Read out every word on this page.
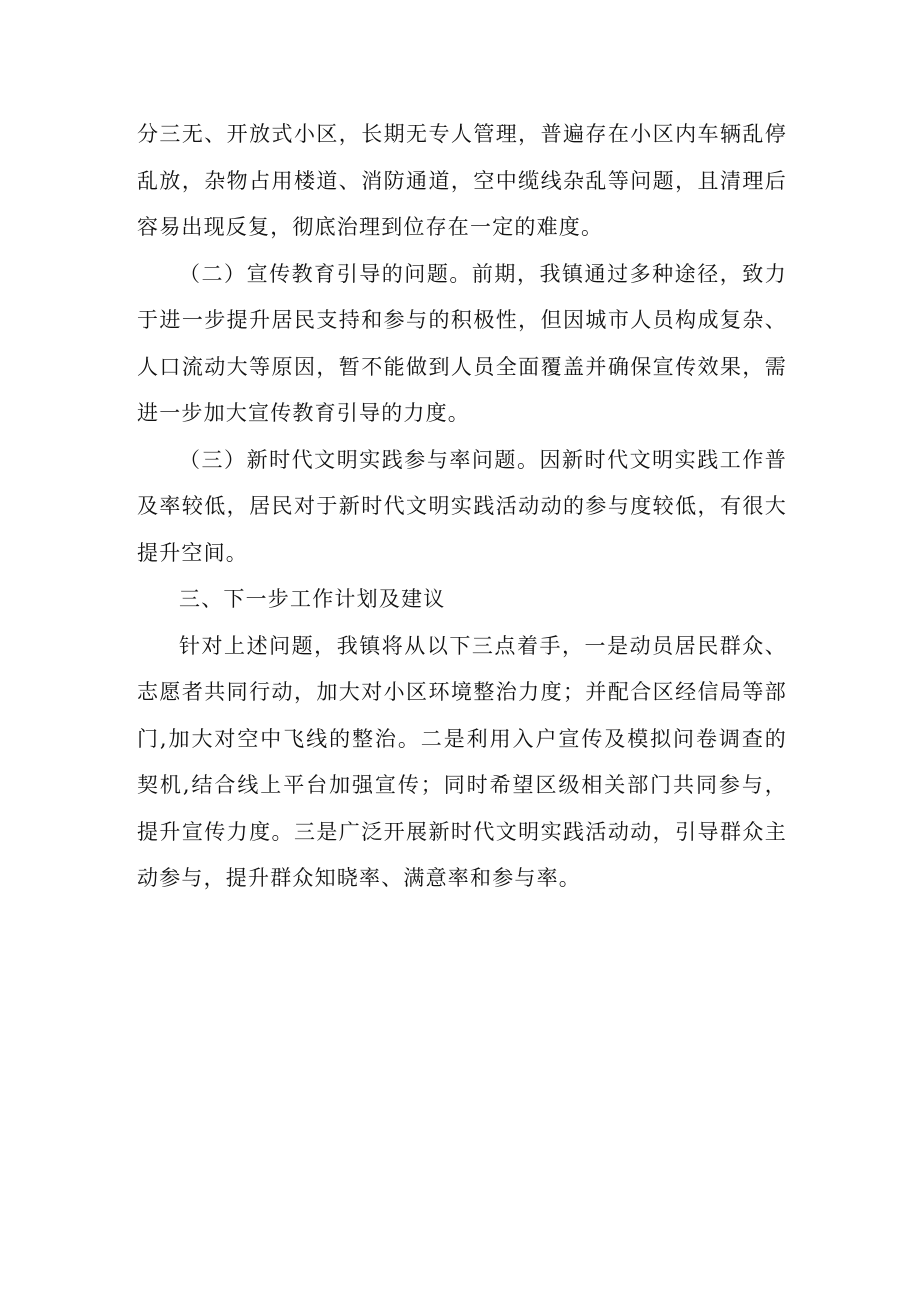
分三无、开放式小区，长期无专人管理，普遍存在小区内车辆乱停乱放，杂物占用楼道、消防通道，空中缆线杂乱等问题，且清理后容易出现反复，彻底治理到位存在一定的难度。

（二）宣传教育引导的问题。前期，我镇通过多种途径，致力于进一步提升居民支持和参与的积极性，但因城市人员构成复杂、人口流动大等原因，暂不能做到人员全面覆盖并确保宣传效果，需进一步加大宣传教育引导的力度。

（三）新时代文明实践参与率问题。因新时代文明实践工作普及率较低，居民对于新时代文明实践活动动的参与度较低，有很大提升空间。

三、下一步工作计划及建议

针对上述问题，我镇将从以下三点着手，一是动员居民群众、志愿者共同行动，加大对小区环境整治力度；并配合区经信局等部门,加大对空中飞线的整治。二是利用入户宣传及模拟问卷调查的契机,结合线上平台加强宣传；同时希望区级相关部门共同参与，提升宣传力度。三是广泛开展新时代文明实践活动动，引导群众主动参与，提升群众知晓率、满意率和参与率。
